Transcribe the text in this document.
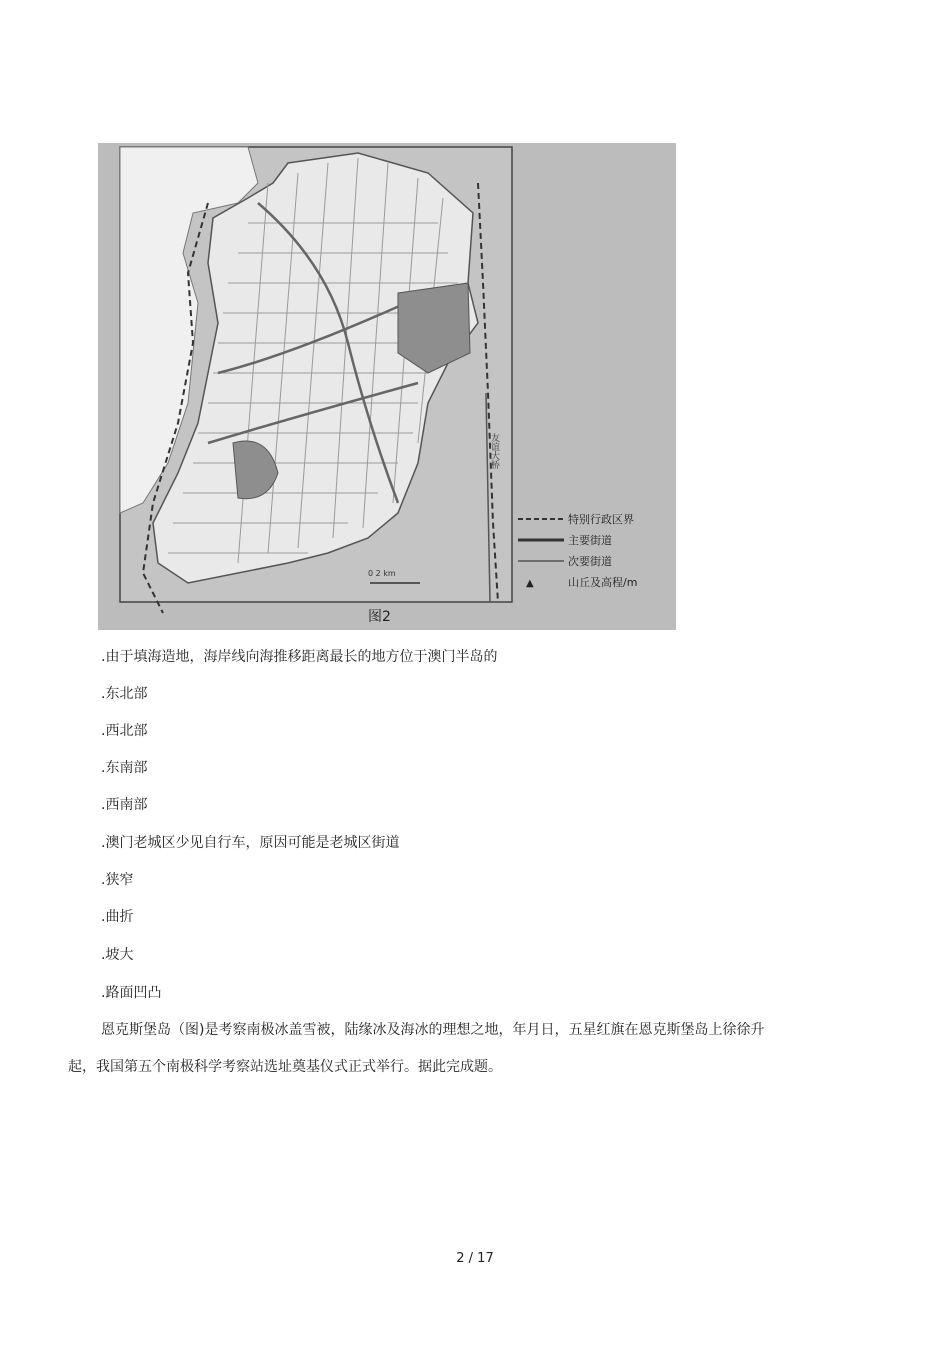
友谊大桥
特别行政区界
主要街道
次要街道
▲	山丘及高程/m
0 2 km
图2
.由于填海造地，海岸线向海推移距离最长的地方位于澳门半岛的
.东北部
.西北部
.东南部
.西南部
.澳门老城区少见自行车，原因可能是老城区街道
.狭窄
.曲折
.坡大
.路面凹凸
恩克斯堡岛（图)是考察南极冰盖雪被，陆缘冰及海冰的理想之地，年月日，五星红旗在恩克斯堡岛上徐徐升
起，我国第五个南极科学考察站选址奠基仪式正式举行。据此完成题。
2 / 17
